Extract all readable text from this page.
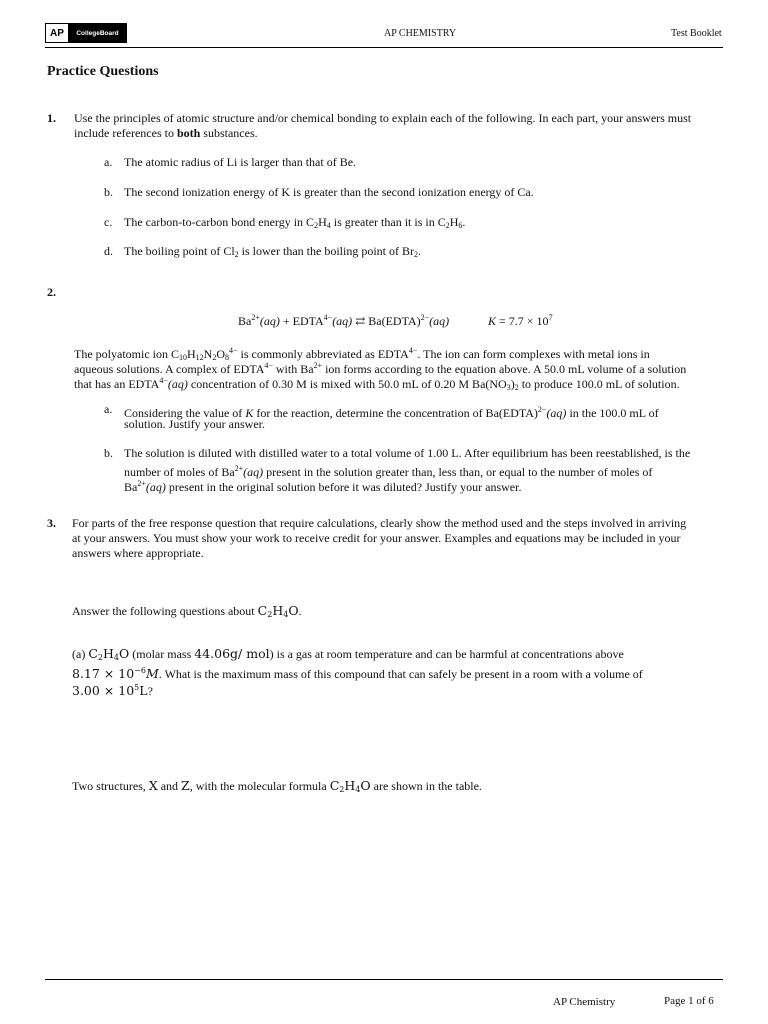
AP	CollegeBoard	AP CHEMISTRY	Test Booklet
Practice Questions
1. Use the principles of atomic structure and/or chemical bonding to explain each of the following. In each part, your answers must
include references to both substances.
a. The atomic radius of Li is larger than that of Be.
b. The second ionization energy of K is greater than the second ionization energy of Ca.
c. The carbon-to-carbon bond energy in $C_2H_4$ is greater than it is in $C_2H_6$.
d. The boiling point of $Cl_2$ is lower than the boiling point of $Br_2$.
2.
$Ba^{2+}(aq)$ + $EDTA^{4-}(aq)$ ⇄ Ba(EDTA)$^{2-}$(aq)	$K = 7.7 \times 10^7$
The polyatomic ion $C_{10}H_{12}N_2O_8^{4-}$ is commonly abbreviated as $EDTA^{4-}$. The ion can form complexes with metal ions in
aqueous solutions. A complex of $EDTA^{4-}$ with $Ba^{2+}$ ion forms according to the equation above. A 50.0 mL volume of a solution
that has an $EDTA^{4-}(aq)$ concentration of 0.30 M is mixed with 50.0 mL of 0.20 M $Ba(NO_3)_2$ to produce 100.0 mL of solution.
a. Considering the value of K for the reaction, determine the concentration of Ba(EDTA)$^{2-}$(aq) in the 100.0 mL of
solution. Justify your answer.
b. The solution is diluted with distilled water to a total volume of 1.00 L. After equilibrium has been reestablished, is the
number of moles of $Ba^{2+}(aq)$ present in the solution greater than, less than, or equal to the number of moles of
$Ba^{2+}(aq)$ present in the original solution before it was diluted? Justify your answer.
3. For parts of the free response question that require calculations, clearly show the method used and the steps involved in arriving
at your answers. You must show your work to receive credit for your answer. Examples and equations may be included in your
answers where appropriate.
Answer the following questions about $C_2H_4O$.
(a) $C_2H_4O$ (molar mass 44.06g/ mol) is a gas at room temperature and can be harmful at concentrations above
$8.17 \times 10^{-6}M$. What is the maximum mass of this compound that can safely be present in a room with a volume of
$3.00 \times 10^5L$?
Two structures, X and Z, with the molecular formula $C_2H_4O$ are shown in the table.
AP Chemistry	Page 1 of 6
